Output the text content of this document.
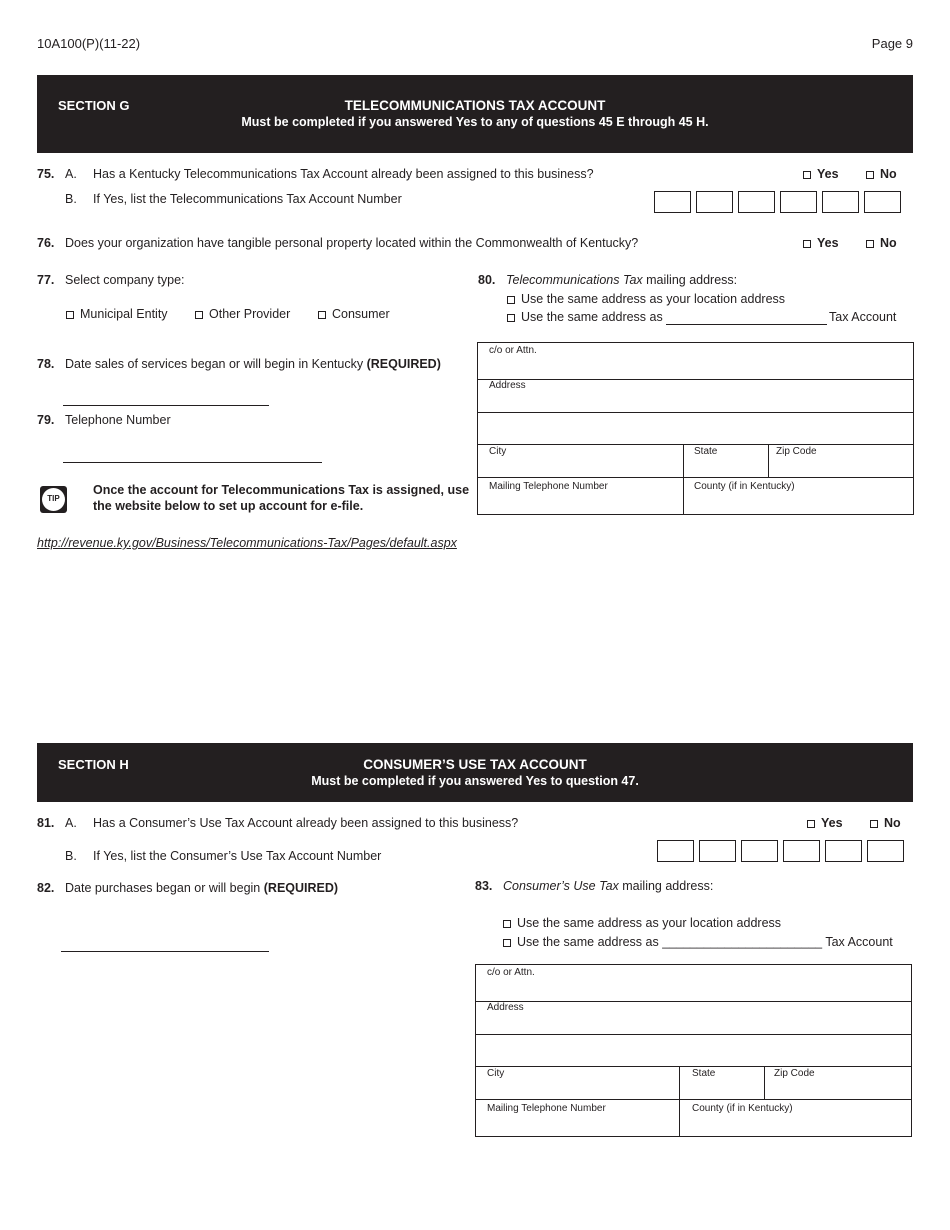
10A100(P)(11-22)	Page 9
SECTION G	TELECOMMUNICATIONS TAX ACCOUNT
Must be completed if you answered Yes to any of questions 45 E through 45 H.
75. A. Has a Kentucky Telecommunications Tax Account already been assigned to this business?	Yes	No
B. If Yes, list the Telecommunications Tax Account Number
76. Does your organization have tangible personal property located within the Commonwealth of Kentucky?	Yes	No
77. Select company type:
Municipal Entity	Other Provider	Consumer
78. Date sales of services began or will begin in Kentucky (REQUIRED)
79. Telephone Number
TIP
Once the account for Telecommunications Tax is assigned, use
the website below to set up account for e-file.
http://revenue.ky.gov/Business/Telecommunications-Tax/Pages/default.aspx
80. Telecommunications Tax mailing address:
Use the same address as your location address
Use the same address as	Tax Account
c/o or Attn.
Address
City	State	Zip Code
Mailing Telephone Number	County (if in Kentucky)
SECTION H	CONSUMER’S USE TAX ACCOUNT
Must be completed if you answered Yes to question 47.
81. A. Has a Consumer’s Use Tax Account already been assigned to this business?	Yes	No
B. If Yes, list the Consumer’s Use Tax Account Number
82. Date purchases began or will begin (REQUIRED)	83. Consumer’s Use Tax mailing address:
Use the same address as your location address
Use the same address as _______________________ Tax Account
c/o or Attn.
Address
City	State	Zip Code
Mailing Telephone Number	County (if in Kentucky)
